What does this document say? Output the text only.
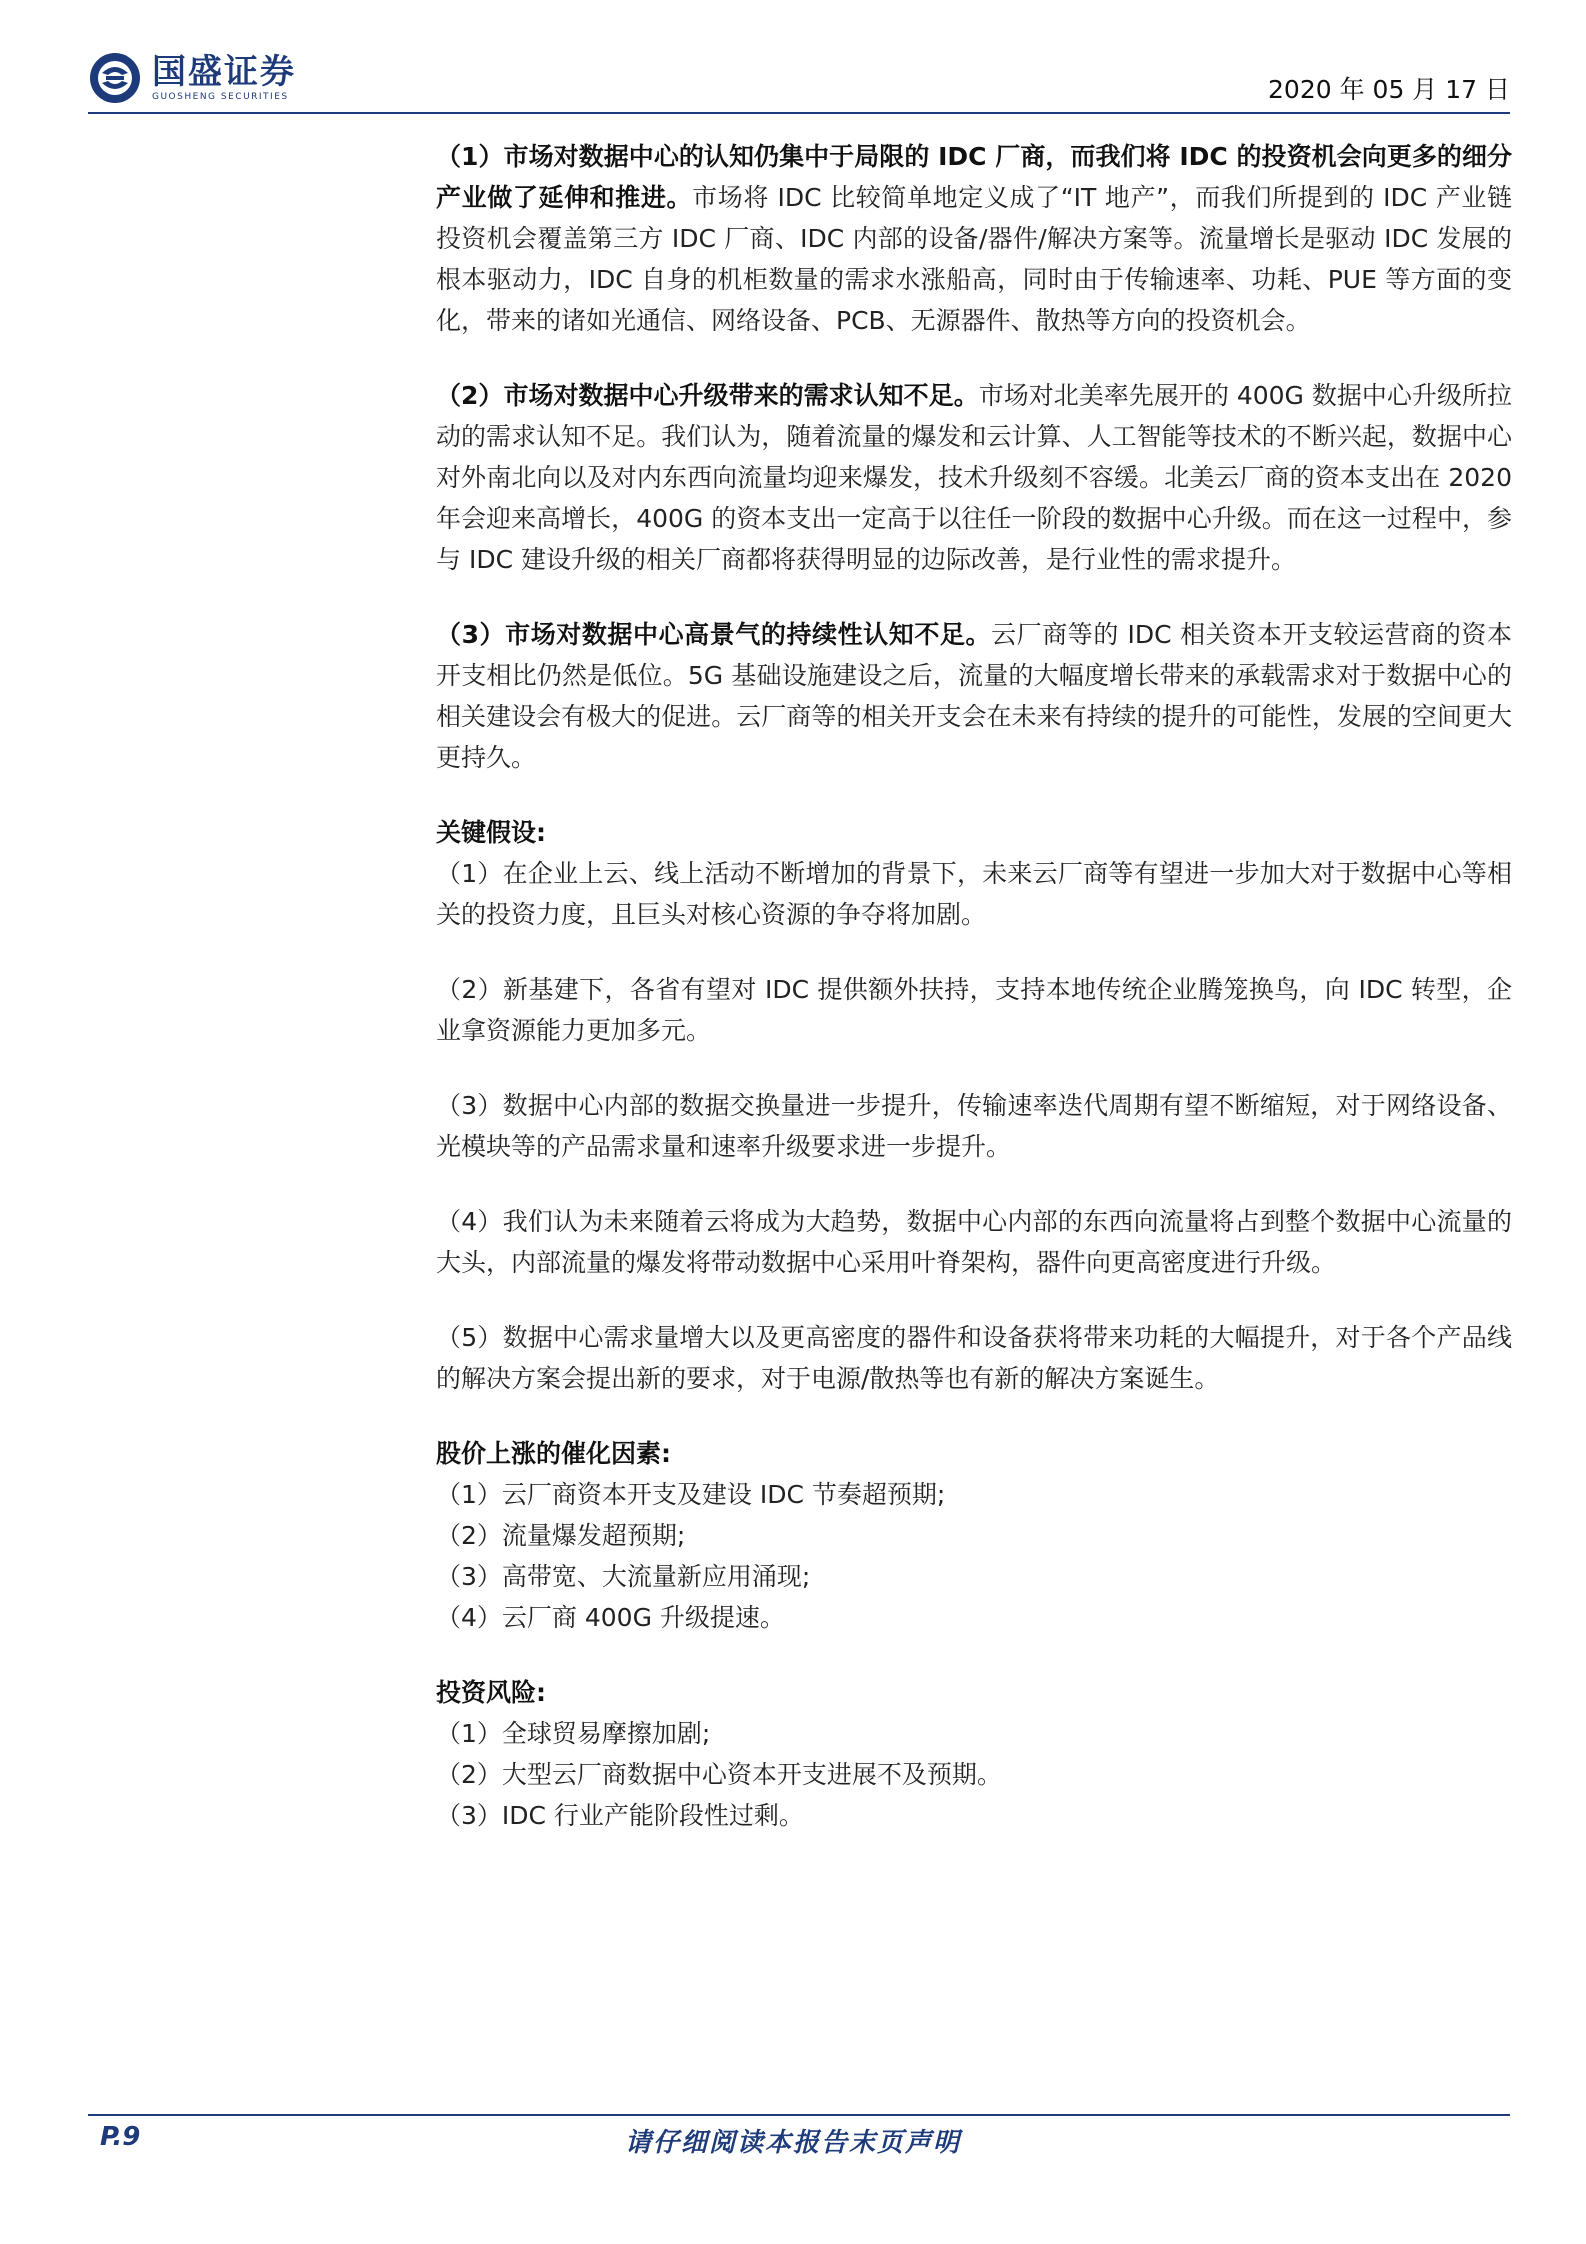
国盛证券
GUOSHENG SECURITIES	2020 年 05 月 17 日

（1）市场对数据中心的认知仍集中于局限的 IDC 厂商，而我们将 IDC 的投资机会向更多的细分产业做了延伸和推进。市场将 IDC 比较简单地定义成了“IT 地产”，而我们所提到的 IDC 产业链投资机会覆盖第三方 IDC 厂商、IDC 内部的设备/器件/解决方案等。流量增长是驱动 IDC 发展的根本驱动力，IDC 自身的机柜数量的需求水涨船高，同时由于传输速率、功耗、PUE 等方面的变化，带来的诸如光通信、网络设备、PCB、无源器件、散热等方向的投资机会。

（2）市场对数据中心升级带来的需求认知不足。市场对北美率先展开的 400G 数据中心升级所拉动的需求认知不足。我们认为，随着流量的爆发和云计算、人工智能等技术的不断兴起，数据中心对外南北向以及对内东西向流量均迎来爆发，技术升级刻不容缓。北美云厂商的资本支出在 2020 年会迎来高增长，400G 的资本支出一定高于以往任一阶段的数据中心升级。而在这一过程中，参与 IDC 建设升级的相关厂商都将获得明显的边际改善，是行业性的需求提升。

（3）市场对数据中心高景气的持续性认知不足。云厂商等的 IDC 相关资本开支较运营商的资本开支相比仍然是低位。5G 基础设施建设之后，流量的大幅度增长带来的承载需求对于数据中心的相关建设会有极大的促进。云厂商等的相关开支会在未来有持续的提升的可能性，发展的空间更大更持久。

关键假设:

（1）在企业上云、线上活动不断增加的背景下，未来云厂商等有望进一步加大对于数据中心等相关的投资力度，且巨头对核心资源的争夺将加剧。

（2）新基建下，各省有望对 IDC 提供额外扶持，支持本地传统企业腾笼换鸟，向 IDC 转型，企业拿资源能力更加多元。

（3）数据中心内部的数据交换量进一步提升，传输速率迭代周期有望不断缩短，对于网络设备、光模块等的产品需求量和速率升级要求进一步提升。

（4）我们认为未来随着云将成为大趋势，数据中心内部的东西向流量将占到整个数据中心流量的大头，内部流量的爆发将带动数据中心采用叶脊架构，器件向更高密度进行升级。

（5）数据中心需求量增大以及更高密度的器件和设备获将带来功耗的大幅提升，对于各个产品线的解决方案会提出新的要求，对于电源/散热等也有新的解决方案诞生。

股价上涨的催化因素:

（1）云厂商资本开支及建设 IDC 节奏超预期;

（2）流量爆发超预期;

（3）高带宽、大流量新应用涌现;

（4）云厂商 400G 升级提速。

投资风险:

（1）全球贸易摩擦加剧;

（2）大型云厂商数据中心资本开支进展不及预期。

（3）IDC 行业产能阶段性过剩。

请仔细阅读本报告末页声明
P.9
